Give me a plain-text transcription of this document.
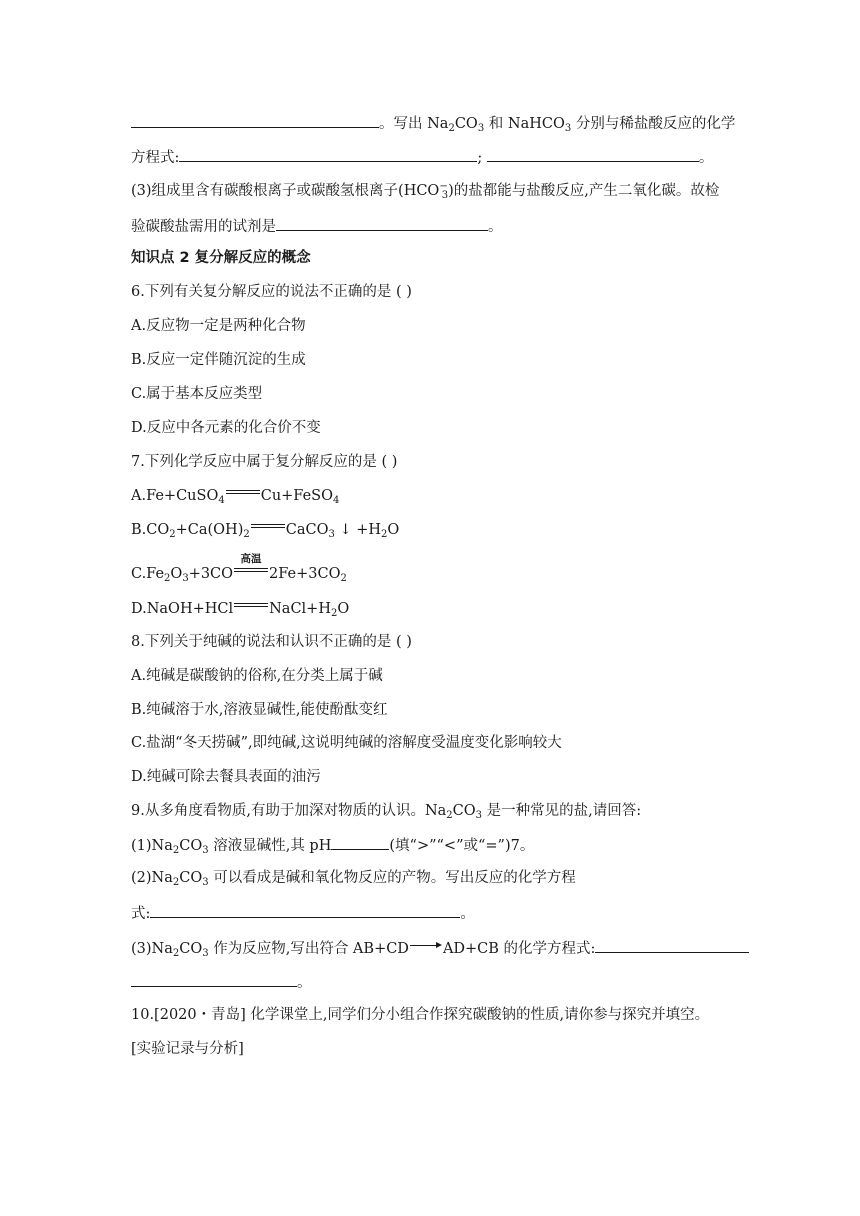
。写出 $Na_2CO_3$ 和 NaHCO$_3$ 分别与稀盐酸反应的化学
方程式:	;	。
(3)组成里含有碳酸根离子或碳酸氢根离子$(HCO^-_3)$的盐都能与盐酸反应,产生二氧化碳。故检
验碳酸盐需用的试剂是	。
知识点 2 复分解反应的概念
6.下列有关复分解反应的说法不正确的是 ( )
A.反应物一定是两种化合物
B.反应一定伴随沉淀的生成
C.属于基本反应类型
D.反应中各元素的化合价不变
7.下列化学反应中属于复分解反应的是 ( )
A.Fe+CuSO$_4$ Cu+FeSO$_4$
$B.CO_2+Ca(OH)_2$ CaCO$_3$ ↓ $+H_2O$
$C.Fe_2O_3+3CO$
高温
$2Fe+3CO_2$
D.NaOH+HCl $NaCl+H_2O$
8.下列关于纯碱的说法和认识不正确的是 ( )
A.纯碱是碳酸钠的俗称,在分类上属于碱
B.纯碱溶于水,溶液显碱性,能使酚酞变红
C.盐湖“冬天捞碱”,即纯碱,这说明纯碱的溶解度受温度变化影响较大
D.纯碱可除去餐具表面的油污
9.从多角度看物质,有助于加深对物质的认识。$Na_2CO_3$ 是一种常见的盐,请回答:
$(1)Na_2CO_3$ 溶液显碱性,其 pH	(填“>”“<”或“=”)7。
$(2)Na_2CO_3$ 可以看成是碱和氧化物反应的产物。写出反应的化学方程
式:	。
$(3)Na_2CO_3$ 作为反应物,写出符合 AB+CD AD+CB 的化学方程式:
。
10.[2020・青岛] 化学课堂上,同学们分小组合作探究碳酸钠的性质,请你参与探究并填空。
[实验记录与分析]
